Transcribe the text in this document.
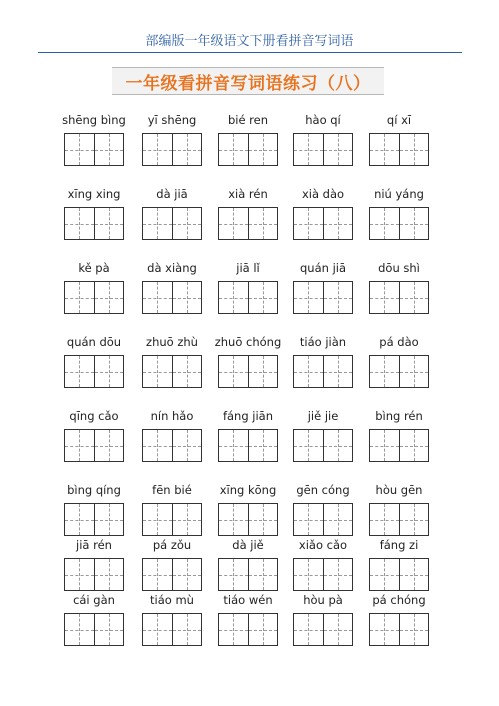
部编版一年级语文下册看拼音写词语
一年级看拼音写词语练习（八）
shēng bìng	yī shēng	bié ren	hào qí	qí xī
xīng xing	dà jiā	xià rén	xià dào	niú yáng
kě pà	dà xiàng	jiā lǐ	quán jiā	dōu shì
quán dōu	zhuō zhù	zhuō chóng	tiáo jiàn	pá dào
qīng cǎo	nín hǎo	fáng jiān	jiě jie	bìng rén
bìng qíng	fēn bié	xīng kōng	gēn cóng	hòu gēn
jiā rén	pá zǒu	dà jiě	xiǎo cǎo	fáng zi
cái gàn	tiáo mù	tiáo wén	hòu pà	pá chóng
